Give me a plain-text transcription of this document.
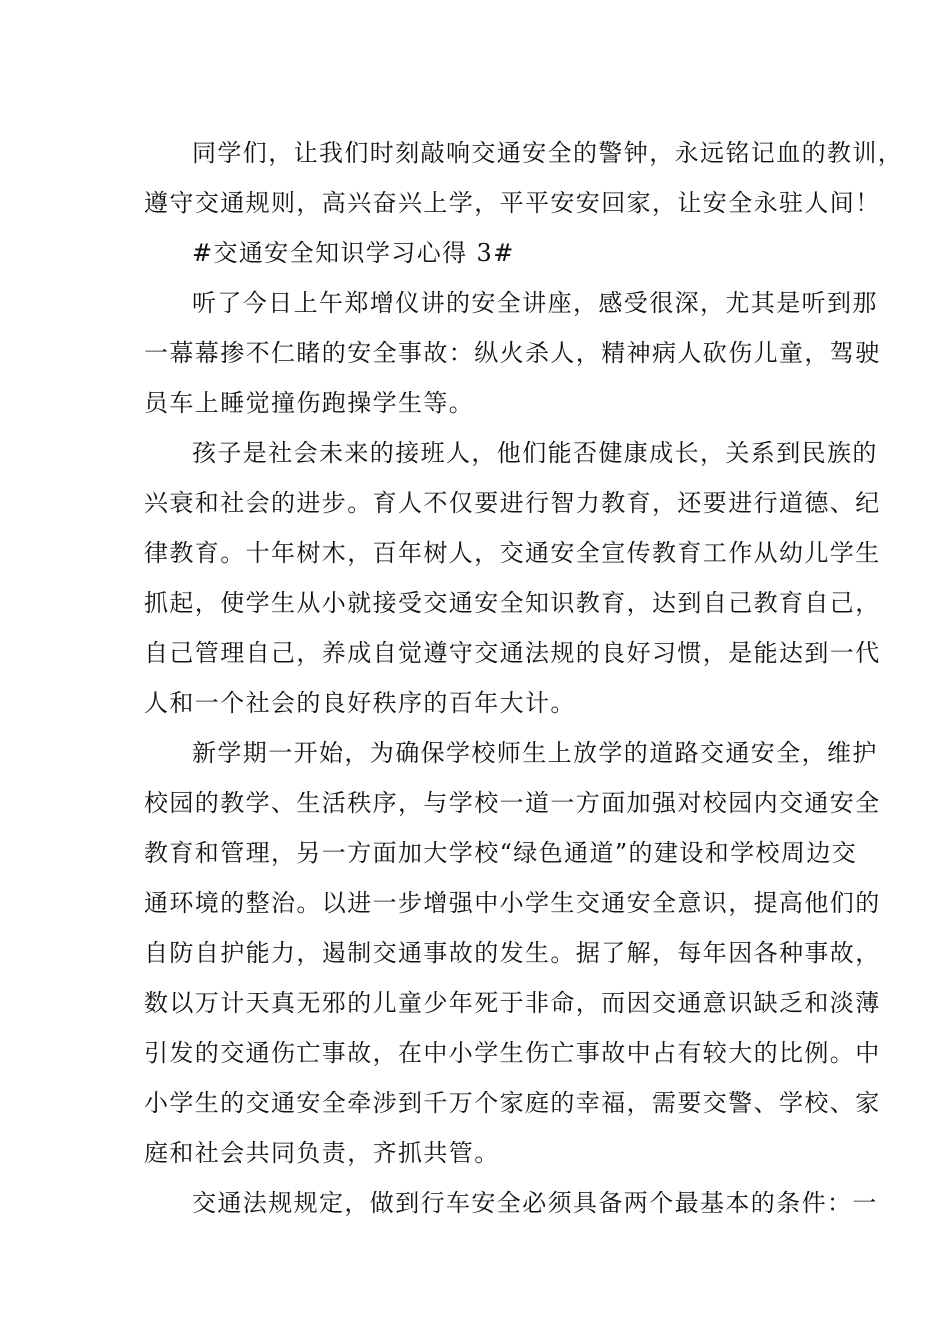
同学们，让我们时刻敲响交通安全的警钟，永远铭记血的教训，
遵守交通规则，高兴奋兴上学，平平安安回家，让安全永驻人间！

#交通安全知识学习心得 3#

听了今日上午郑增仪讲的安全讲座，感受很深，尤其是听到那
一幕幕掺不仁睹的安全事故：纵火杀人，精神病人砍伤儿童，驾驶
员车上睡觉撞伤跑操学生等。

孩子是社会未来的接班人，他们能否健康成长，关系到民族的
兴衰和社会的进步。育人不仅要进行智力教育，还要进行道德、纪
律教育。十年树木，百年树人，交通安全宣传教育工作从幼儿学生
抓起，使学生从小就接受交通安全知识教育，达到自己教育自己，
自己管理自己，养成自觉遵守交通法规的良好习惯，是能达到一代
人和一个社会的良好秩序的百年大计。

新学期一开始，为确保学校师生上放学的道路交通安全，维护
校园的教学、生活秩序，与学校一道一方面加强对校园内交通安全
教育和管理，另一方面加大学校“绿色通道”的建设和学校周边交
通环境的整治。以进一步增强中小学生交通安全意识，提高他们的
自防自护能力，遏制交通事故的发生。据了解，每年因各种事故，
数以万计天真无邪的儿童少年死于非命，而因交通意识缺乏和淡薄
引发的交通伤亡事故，在中小学生伤亡事故中占有较大的比例。中
小学生的交通安全牵涉到千万个家庭的幸福，需要交警、学校、家
庭和社会共同负责，齐抓共管。

交通法规规定，做到行车安全必须具备两个最基本的条件：一
